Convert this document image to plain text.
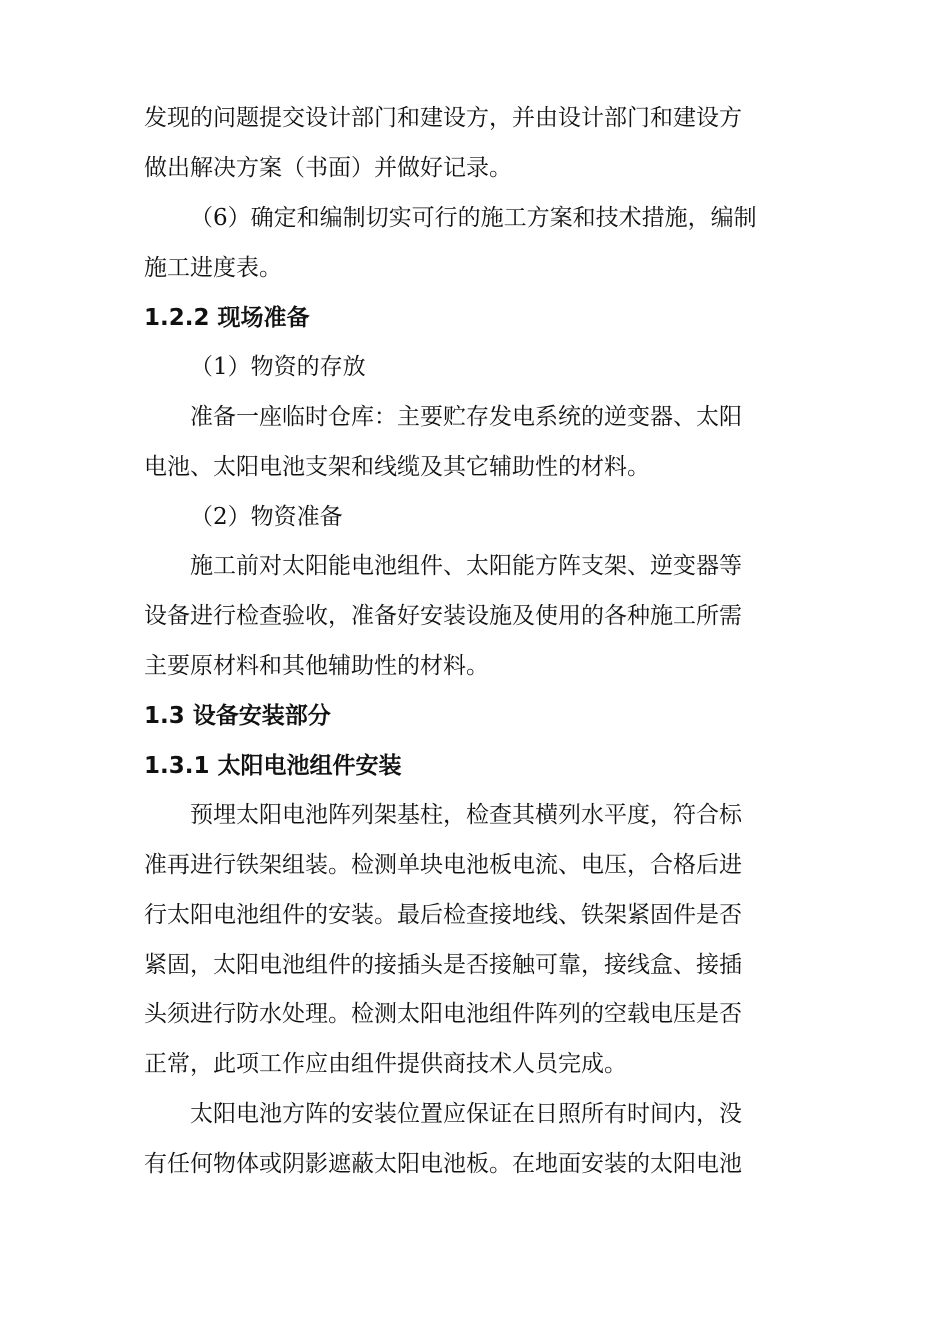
发现的问题提交设计部门和建设方，并由设计部门和建设方
做出解决方案（书面）并做好记录。
（6）确定和编制切实可行的施工方案和技术措施，编制
施工进度表。
1.2.2 现场准备
（1）物资的存放
准备一座临时仓库：主要贮存发电系统的逆变器、太阳
电池、太阳电池支架和线缆及其它辅助性的材料。
（2）物资准备
施工前对太阳能电池组件、太阳能方阵支架、逆变器等
设备进行检查验收，准备好安装设施及使用的各种施工所需
主要原材料和其他辅助性的材料。
1.3 设备安装部分
1.3.1 太阳电池组件安装
预埋太阳电池阵列架基柱，检查其横列水平度，符合标
准再进行铁架组装。检测单块电池板电流、电压，合格后进
行太阳电池组件的安装。最后检查接地线、铁架紧固件是否
紧固，太阳电池组件的接插头是否接触可靠，接线盒、接插
头须进行防水处理。检测太阳电池组件阵列的空载电压是否
正常，此项工作应由组件提供商技术人员完成。
太阳电池方阵的安装位置应保证在日照所有时间内，没
有任何物体或阴影遮蔽太阳电池板。在地面安装的太阳电池
